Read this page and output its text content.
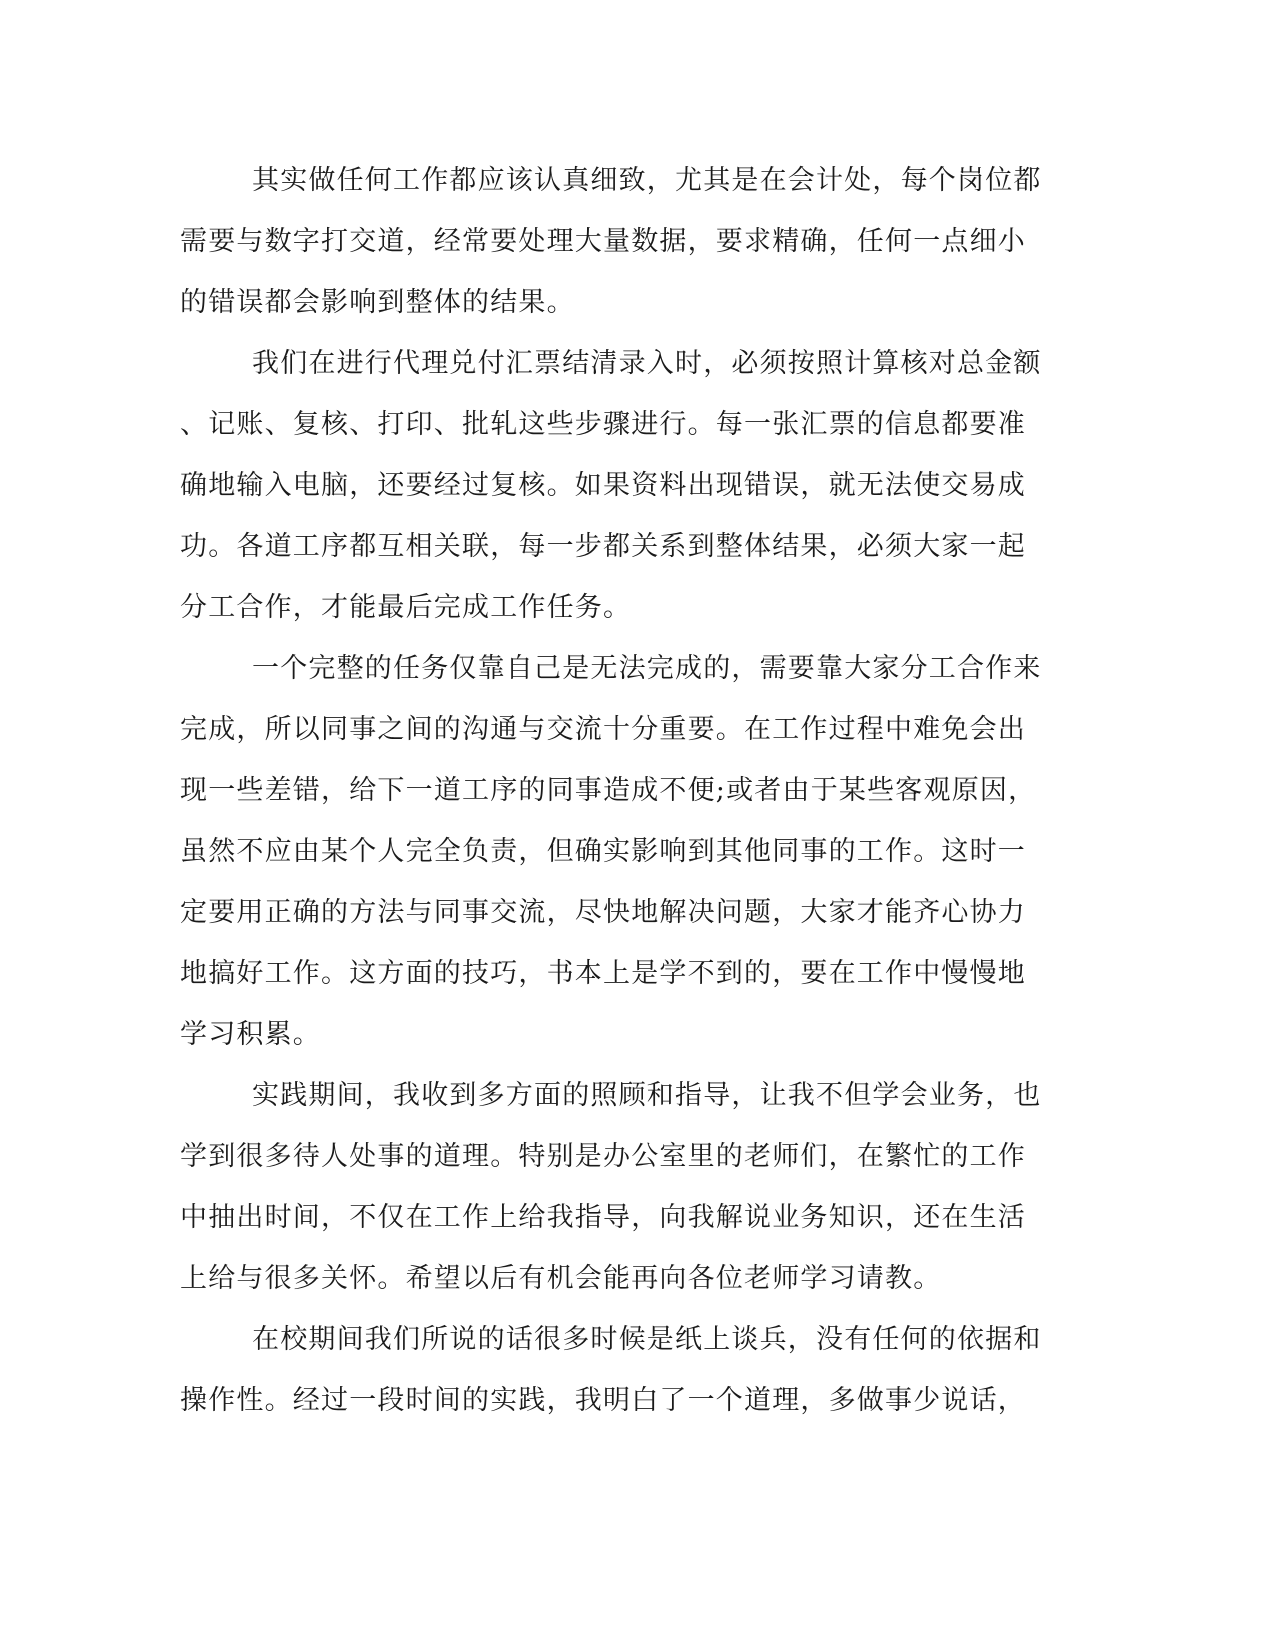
其实做任何工作都应该认真细致，尤其是在会计处，每个岗位都
需要与数字打交道，经常要处理大量数据，要求精确，任何一点细小
的错误都会影响到整体的结果。
我们在进行代理兑付汇票结清录入时，必须按照计算核对总金额
、记账、复核、打印、批轧这些步骤进行。每一张汇票的信息都要准
确地输入电脑，还要经过复核。如果资料出现错误，就无法使交易成
功。各道工序都互相关联，每一步都关系到整体结果，必须大家一起
分工合作，才能最后完成工作任务。
一个完整的任务仅靠自己是无法完成的，需要靠大家分工合作来
完成，所以同事之间的沟通与交流十分重要。在工作过程中难免会出
现一些差错，给下一道工序的同事造成不便;或者由于某些客观原因，
虽然不应由某个人完全负责，但确实影响到其他同事的工作。这时一
定要用正确的方法与同事交流，尽快地解决问题，大家才能齐心协力
地搞好工作。这方面的技巧，书本上是学不到的，要在工作中慢慢地
学习积累。
实践期间，我收到多方面的照顾和指导，让我不但学会业务，也
学到很多待人处事的道理。特别是办公室里的老师们，在繁忙的工作
中抽出时间，不仅在工作上给我指导，向我解说业务知识，还在生活
上给与很多关怀。希望以后有机会能再向各位老师学习请教。
在校期间我们所说的话很多时候是纸上谈兵，没有任何的依据和
操作性。经过一段时间的实践，我明白了一个道理，多做事少说话，
